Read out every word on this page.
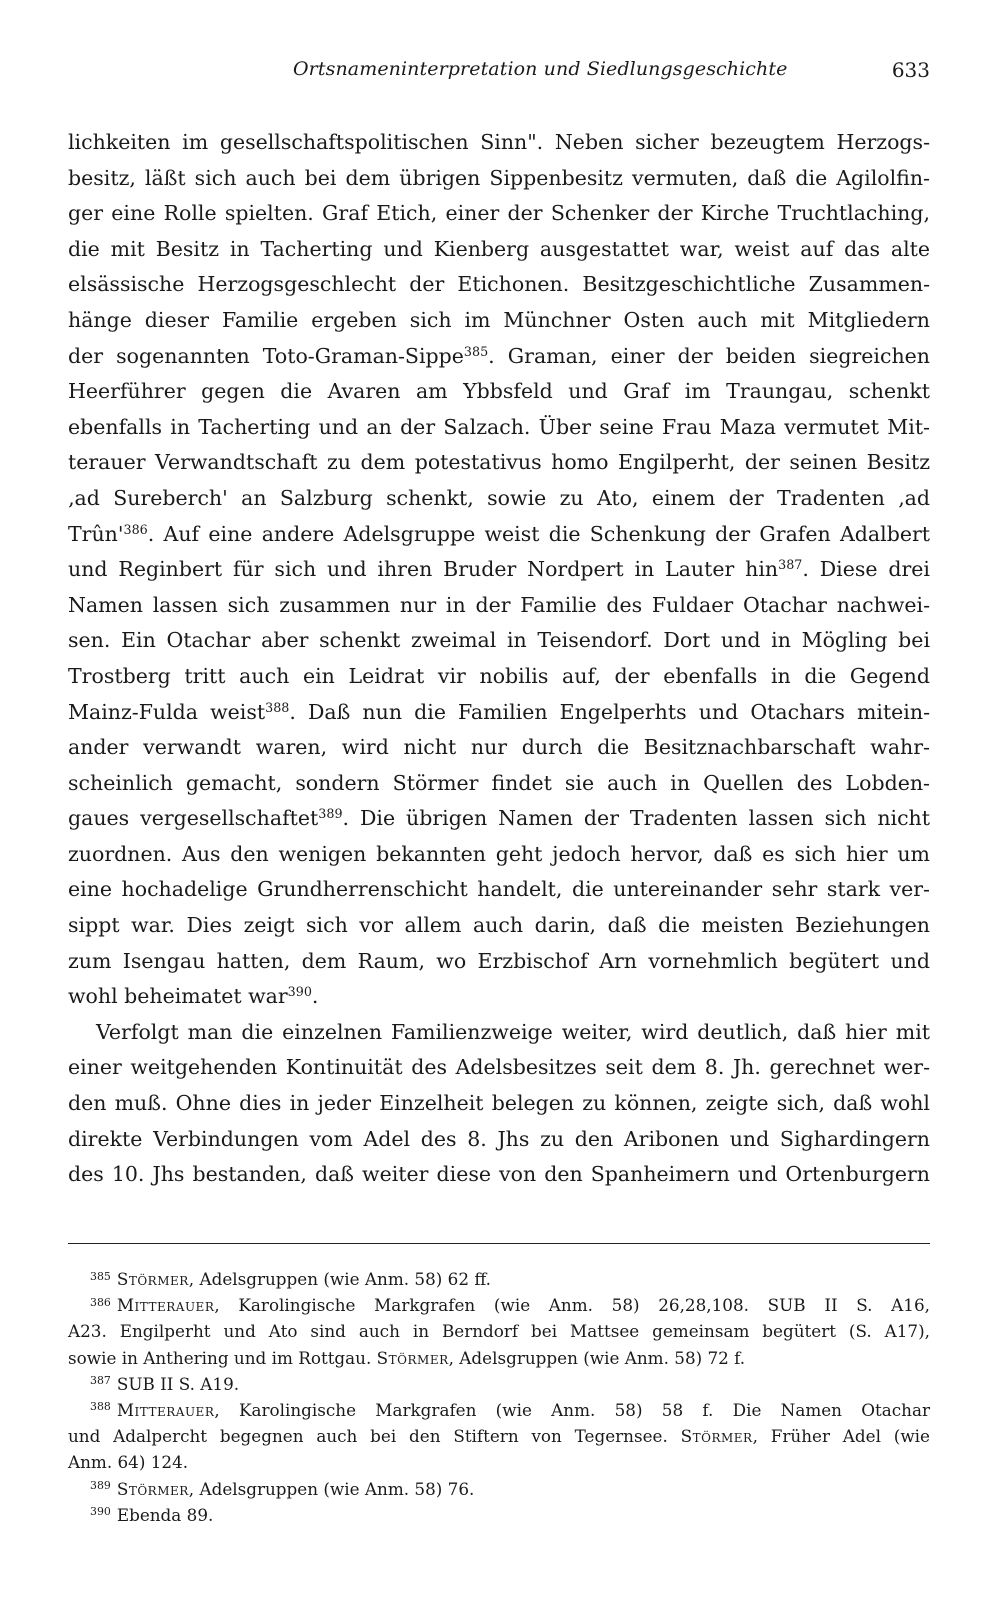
Ortsnameninterpretation und Siedlungsgeschichte	633
lichkeiten im gesellschaftspolitischen Sinn". Neben sicher bezeugtem Herzogs-
besitz, läßt sich auch bei dem übrigen Sippenbesitz vermuten, daß die Agilolfin-
ger eine Rolle spielten. Graf Etich, einer der Schenker der Kirche Truchtlaching,
die mit Besitz in Tacherting und Kienberg ausgestattet war, weist auf das alte
elsässische Herzogsgeschlecht der Etichonen. Besitzgeschichtliche Zusammen-
hänge dieser Familie ergeben sich im Münchner Osten auch mit Mitgliedern
der sogenannten Toto-Graman-Sippe$^{385}$. Graman, einer der beiden siegreichen
Heerführer gegen die Avaren am Ybbsfeld und Graf im Traungau, schenkt
ebenfalls in Tacherting und an der Salzach. Über seine Frau Maza vermutet Mit-
terauer Verwandtschaft zu dem potestativus homo Engilperht, der seinen Besitz
‚ad Sureberch' an Salzburg schenkt, sowie zu Ato, einem der Tradenten ‚ad
$Trûn'^{386}$. Auf eine andere Adelsgruppe weist die Schenkung der Grafen Adalbert
und Reginbert für sich und ihren Bruder Nordpert in Lauter hin$^{387}$. Diese drei
Namen lassen sich zusammen nur in der Familie des Fuldaer Otachar nachwei-
sen. Ein Otachar aber schenkt zweimal in Teisendorf. Dort und in Mögling bei
Trostberg tritt auch ein Leidrat vir nobilis auf, der ebenfalls in die Gegend
Mainz-Fulda weist$^{388}$. Daß nun die Familien Engelperhts und Otachars mitein-
ander verwandt waren, wird nicht nur durch die Besitznachbarschaft wahr-
scheinlich gemacht, sondern Störmer findet sie auch in Quellen des Lobden-
gaues vergesellschaftet$^{389}$. Die übrigen Namen der Tradenten lassen sich nicht
zuordnen. Aus den wenigen bekannten geht jedoch hervor, daß es sich hier um
eine hochadelige Grundherrenschicht handelt, die untereinander sehr stark ver-
sippt war. Dies zeigt sich vor allem auch darin, daß die meisten Beziehungen
zum Isengau hatten, dem Raum, wo Erzbischof Arn vornehmlich begütert und
wohl beheimatet war$^{390}$.
Verfolgt man die einzelnen Familienzweige weiter, wird deutlich, daß hier mit
einer weitgehenden Kontinuität des Adelsbesitzes seit dem 8. Jh. gerechnet wer-
den muß. Ohne dies in jeder Einzelheit belegen zu können, zeigte sich, daß wohl
direkte Verbindungen vom Adel des 8. Jhs zu den Aribonen und Sighardingern
des 10. Jhs bestanden, daß weiter diese von den Spanheimern und Ortenburgern
$^{385}$ Störmer, Adelsgruppen (wie Anm. 58) 62 ff.
$^{386}$ Mitterauer, Karolingische Markgrafen (wie Anm. 58) 26,28,108. SUB II S. A16,
A23. Engilperht und Ato sind auch in Berndorf bei Mattsee gemeinsam begütert (S. A17),
sowie in Anthering und im Rottgau. Störmer, Adelsgruppen (wie Anm. 58) 72 f.
$^{387}$ SUB II S. A19.
$^{388}$ Mitterauer, Karolingische Markgrafen (wie Anm. 58) 58 f. Die Namen Otachar
und Adalpercht begegnen auch bei den Stiftern von Tegernsee. Störmer, Früher Adel (wie
Anm. 64) 124.
$^{389}$ Störmer, Adelsgruppen (wie Anm. 58) 76.
$^{390}$ Ebenda 89.
